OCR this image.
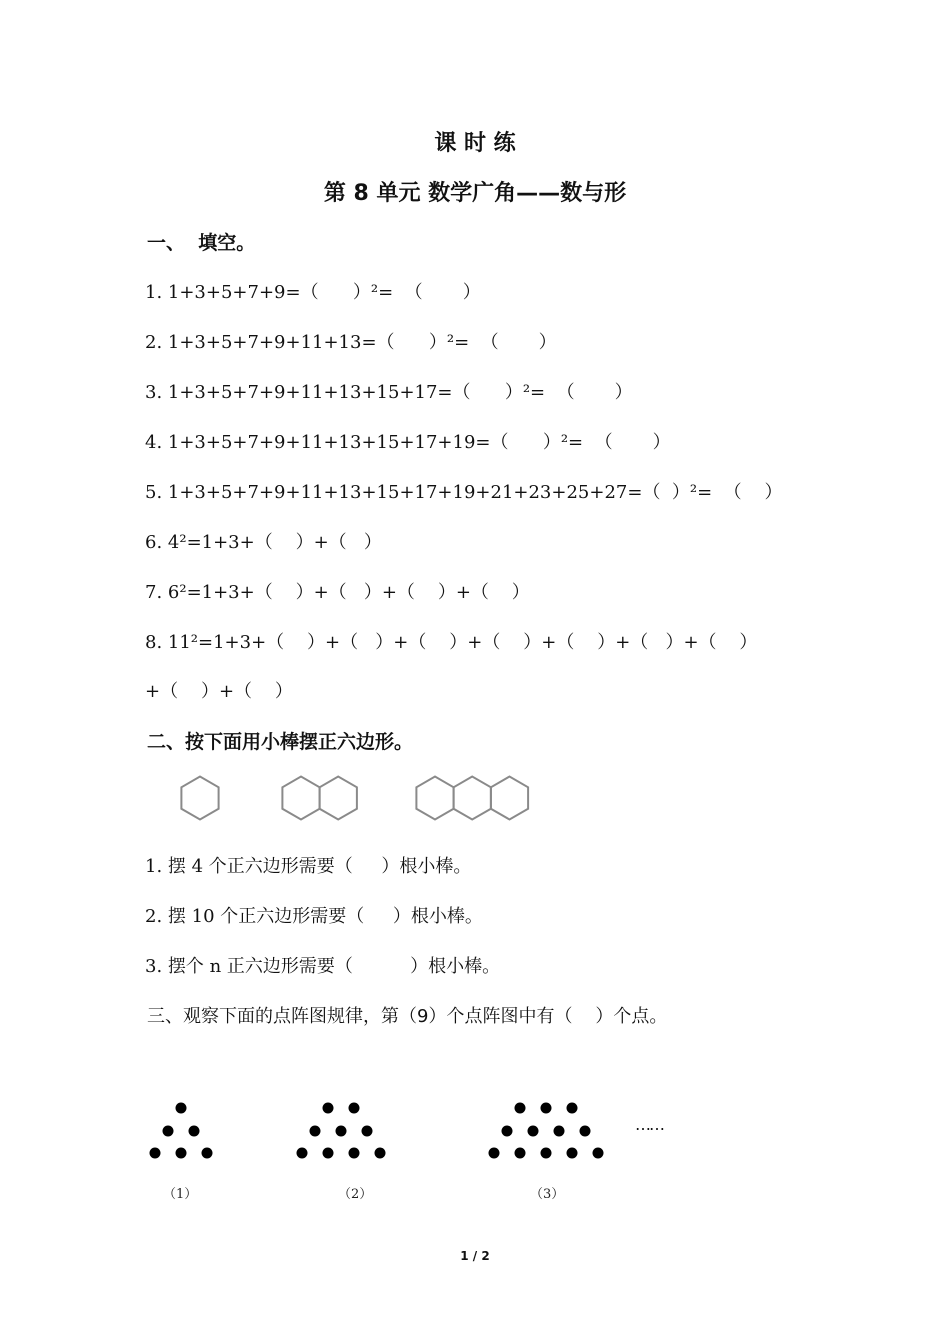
课 时 练
第 8 单元 数学广角——数与形
一、  填空。
1. 1+3+5+7+9=（      ）²=  （       ）
2. 1+3+5+7+9+11+13=（      ）²=  （       ）
3. 1+3+5+7+9+11+13+15+17=（      ）²=  （       ）
4. 1+3+5+7+9+11+13+15+17+19=（      ）²=  （       ）
5. 1+3+5+7+9+11+13+15+17+19+21+23+25+27=（  ）²=  （    ）
6. 4²=1+3+（    ）+（   ）
7. 6²=1+3+（    ）+（   ）+（    ）+（    ）
8. 11²=1+3+（    ）+（   ）+（    ）+（    ）+（    ）+（   ）+（    ）
+（    ）+（    ）
二、按下面用小棒摆正六边形。
1. 摆 4 个正六边形需要（     ）根小棒。
2. 摆 10 个正六边形需要（     ）根小棒。
3. 摆个 n 正六边形需要（          ）根小棒。
三、观察下面的点阵图规律，第（9）个点阵图中有（    ）个点。
（1）	（2）	（3）
……
1 / 2
